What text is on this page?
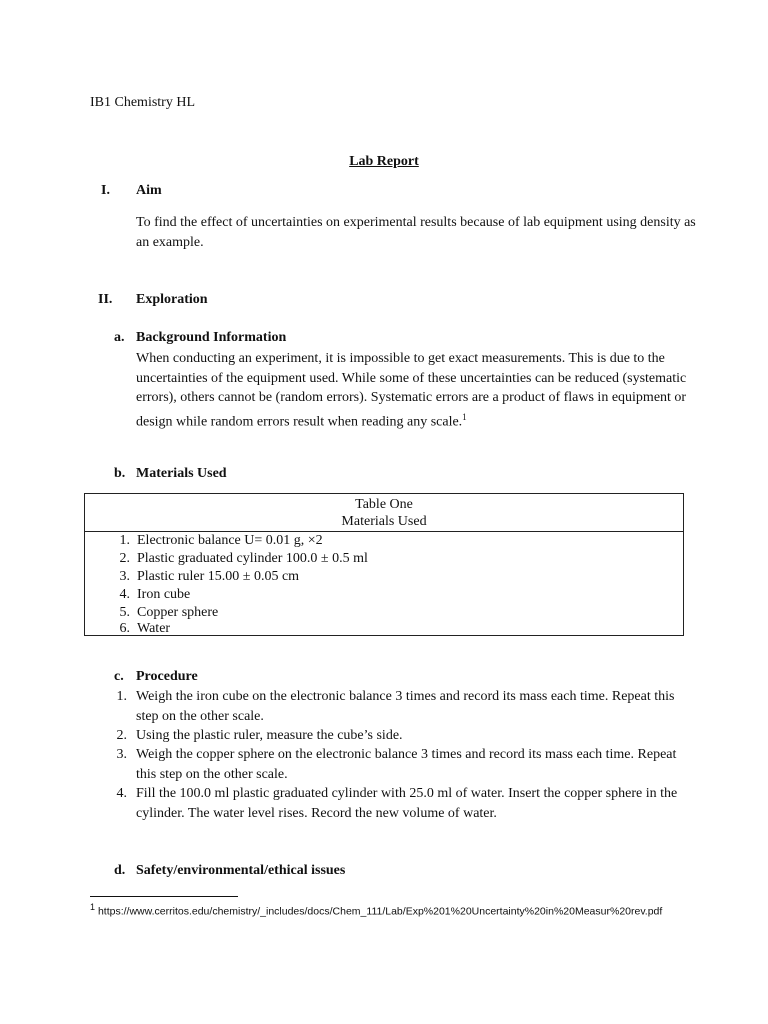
IB1 Chemistry HL
Lab Report
I. Aim
To find the effect of uncertainties on experimental results because of lab equipment using density as an example.
II. Exploration
a. Background Information
When conducting an experiment, it is impossible to get exact measurements. This is due to the uncertainties of the equipment used. While some of these uncertainties can be reduced (systematic errors), others cannot be (random errors). Systematic errors are a product of flaws in equipment or design while random errors result when reading any scale.$^1$
b. Materials Used
Table One
Materials Used
1. Electronic balance U= 0.01 g, ×2
2. Plastic graduated cylinder 100.0 ± 0.5 ml
3. Plastic ruler 15.00 ± 0.05 cm
4. Iron cube
5. Copper sphere
6. Water
c. Procedure
1. Weigh the iron cube on the electronic balance 3 times and record its mass each time. Repeat this step on the other scale.
2. Using the plastic ruler, measure the cube’s side.
3. Weigh the copper sphere on the electronic balance 3 times and record its mass each time. Repeat this step on the other scale.
4. Fill the 100.0 ml plastic graduated cylinder with 25.0 ml of water. Insert the copper sphere in the cylinder. The water level rises. Record the new volume of water.
d. Safety/environmental/ethical issues
$^1$ https://www.cerritos.edu/chemistry/_includes/docs/Chem_111/Lab/Exp%201%20Uncertainty%20in%20Measur%20rev.pdf
